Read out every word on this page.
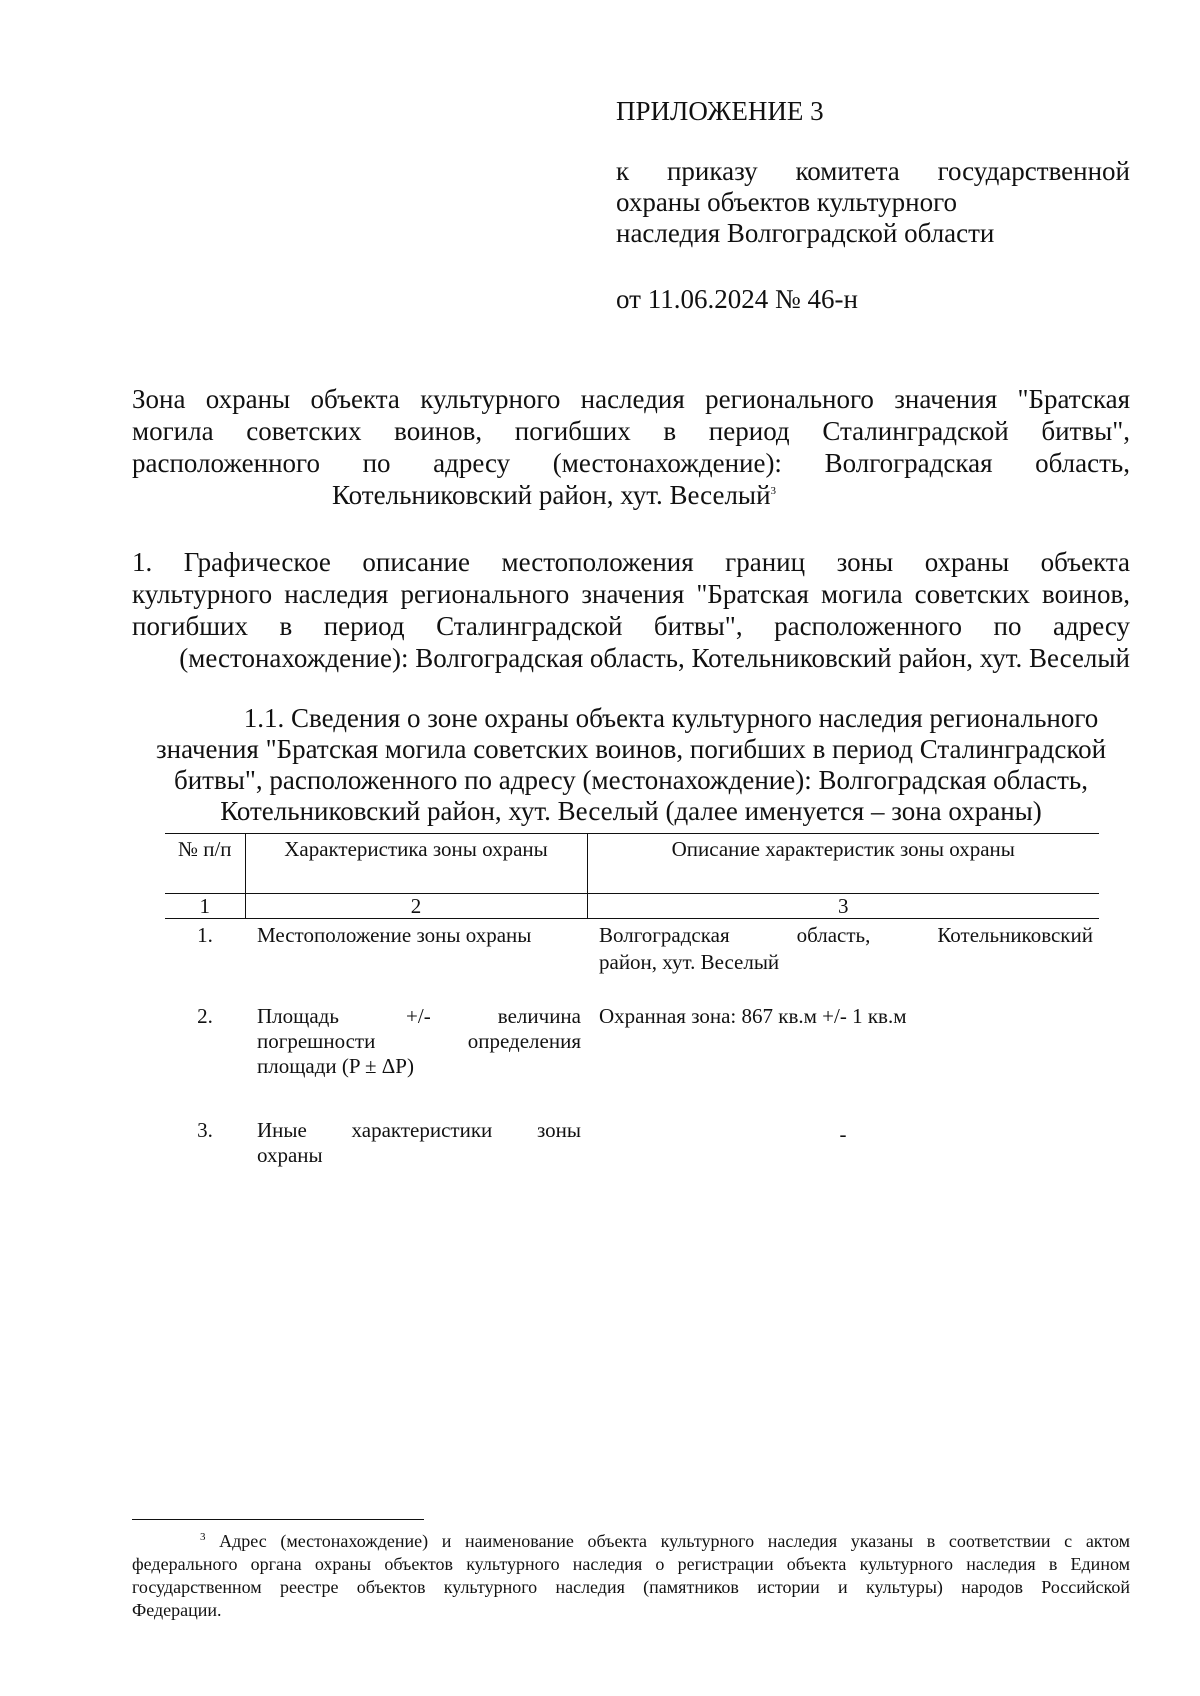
ПРИЛОЖЕНИЕ 3
к приказу комитета государственной
охраны объектов культурного
наследия Волгоградской области
от 11.06.2024 № 46-н
Зона охраны объекта культурного наследия регионального значения "Братская
могила советских воинов, погибших в период Сталинградской битвы",
расположенного по адресу (местонахождение): Волгоградская область,
Котельниковский район, хут. Веселый$^3$
1. Графическое описание местоположения границ зоны охраны объекта
культурного наследия регионального значения "Братская могила советских воинов,
погибших в период Сталинградской битвы", расположенного по адресу
(местонахождение): Волгоградская область, Котельниковский район, хут. Веселый
1.1. Сведения о зоне охраны объекта культурного наследия регионального
значения "Братская могила советских воинов, погибших в период Сталинградской
битвы", расположенного по адресу (местонахождение): Волгоградская область,
Котельниковский район, хут. Веселый (далее именуется – зона охраны)
№ п/п	Характеристика зоны охраны	Описание характеристик зоны охраны
1	2	3
1.	Местоположение зоны охраны	Волгоградская область, Котельниковский
район, хут. Веселый

2.	Площадь +/- величина
погрешности определения
площади (P ± ΔP)	Охранная зона: 867 кв.м +/- 1 кв.м
3.	Иные характеристики зоны
охраны	-
$^3$ Адрес (местонахождение) и наименование объекта культурного наследия указаны в соответствии с актом
федерального органа охраны объектов культурного наследия о регистрации объекта культурного наследия в Едином
государственном реестре объектов культурного наследия (памятников истории и культуры) народов Российской
Федерации.
